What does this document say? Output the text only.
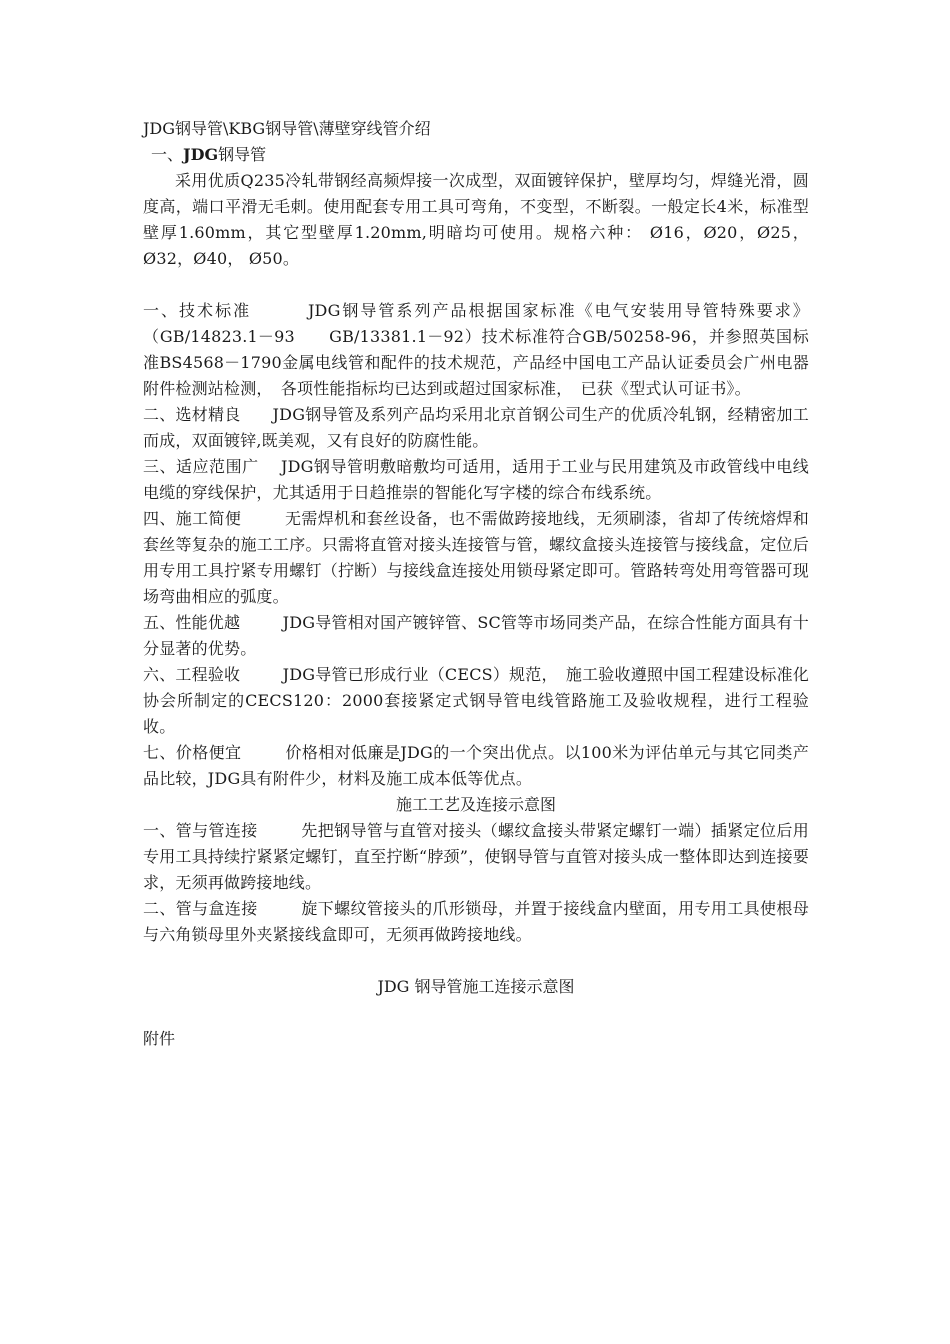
JDG钢导管\KBG钢导管\薄壁穿线管介绍

一、JDG钢导管

采用优质Q235冷轧带钢经高频焊接一次成型，双面镀锌保护，壁厚均匀，焊缝光滑，圆度高，端口平滑无毛刺。使用配套专用工具可弯角，不变型，不断裂。一般定长4米，标准型壁厚1.60mm，其它型壁厚1.20mm,明暗均可使用。规格六种： Ø16，Ø20，Ø25，Ø32，Ø40， Ø50。

一、技术标准	JDG钢导管系列产品根据国家标准《电气安装用导管特殊要求》（GB/14823.1－93　　GB/13381.1－92）技术标准符合GB/50258-96，并参照英国标准BS4568－1790金属电线管和配件的技术规范，产品经中国电工产品认证委员会广州电器附件检测站检测，　各项性能指标均已达到或超过国家标准，　已获《型式认可证书》。

二、选材精良 JDG钢导管及系列产品均采用北京首钢公司生产的优质冷轧钢，经精密加工而成，双面镀锌,既美观，又有良好的防腐性能。

三、适应范围广 JDG钢导管明敷暗敷均可适用，适用于工业与民用建筑及市政管线中电线电缆的穿线保护，尤其适用于日趋推崇的智能化写字楼的综合布线系统。

四、施工简便	无需焊机和套丝设备，也不需做跨接地线，无须刷漆，省却了传统熔焊和套丝等复杂的施工工序。只需将直管对接头连接管与管，螺纹盒接头连接管与接线盒，定位后用专用工具拧紧专用螺钉（拧断）与接线盒连接处用锁母紧定即可。管路转弯处用弯管器可现场弯曲相应的弧度。

五、性能优越	JDG导管相对国产镀锌管、SC管等市场同类产品，在综合性能方面具有十分显著的优势。

六、工程验收	JDG导管已形成行业（CECS）规范，　施工验收遵照中国工程建设标准化协会所制定的CECS120：2000套接紧定式钢导管电线管路施工及验收规程，进行工程验收。

七、价格便宜	价格相对低廉是JDG的一个突出优点。以100米为评估单元与其它同类产品比较，JDG具有附件少，材料及施工成本低等优点。

施工工艺及连接示意图

一、管与管连接	先把钢导管与直管对接头（螺纹盒接头带紧定螺钉一端）插紧定位后用专用工具持续拧紧紧定螺钉，直至拧断“脖颈”，使钢导管与直管对接头成一整体即达到连接要求，无须再做跨接地线。

二、管与盒连接	旋下螺纹管接头的爪形锁母，并置于接线盒内壁面，用专用工具使根母与六角锁母里外夹紧接线盒即可，无须再做跨接地线。

JDG 钢导管施工连接示意图

附件
